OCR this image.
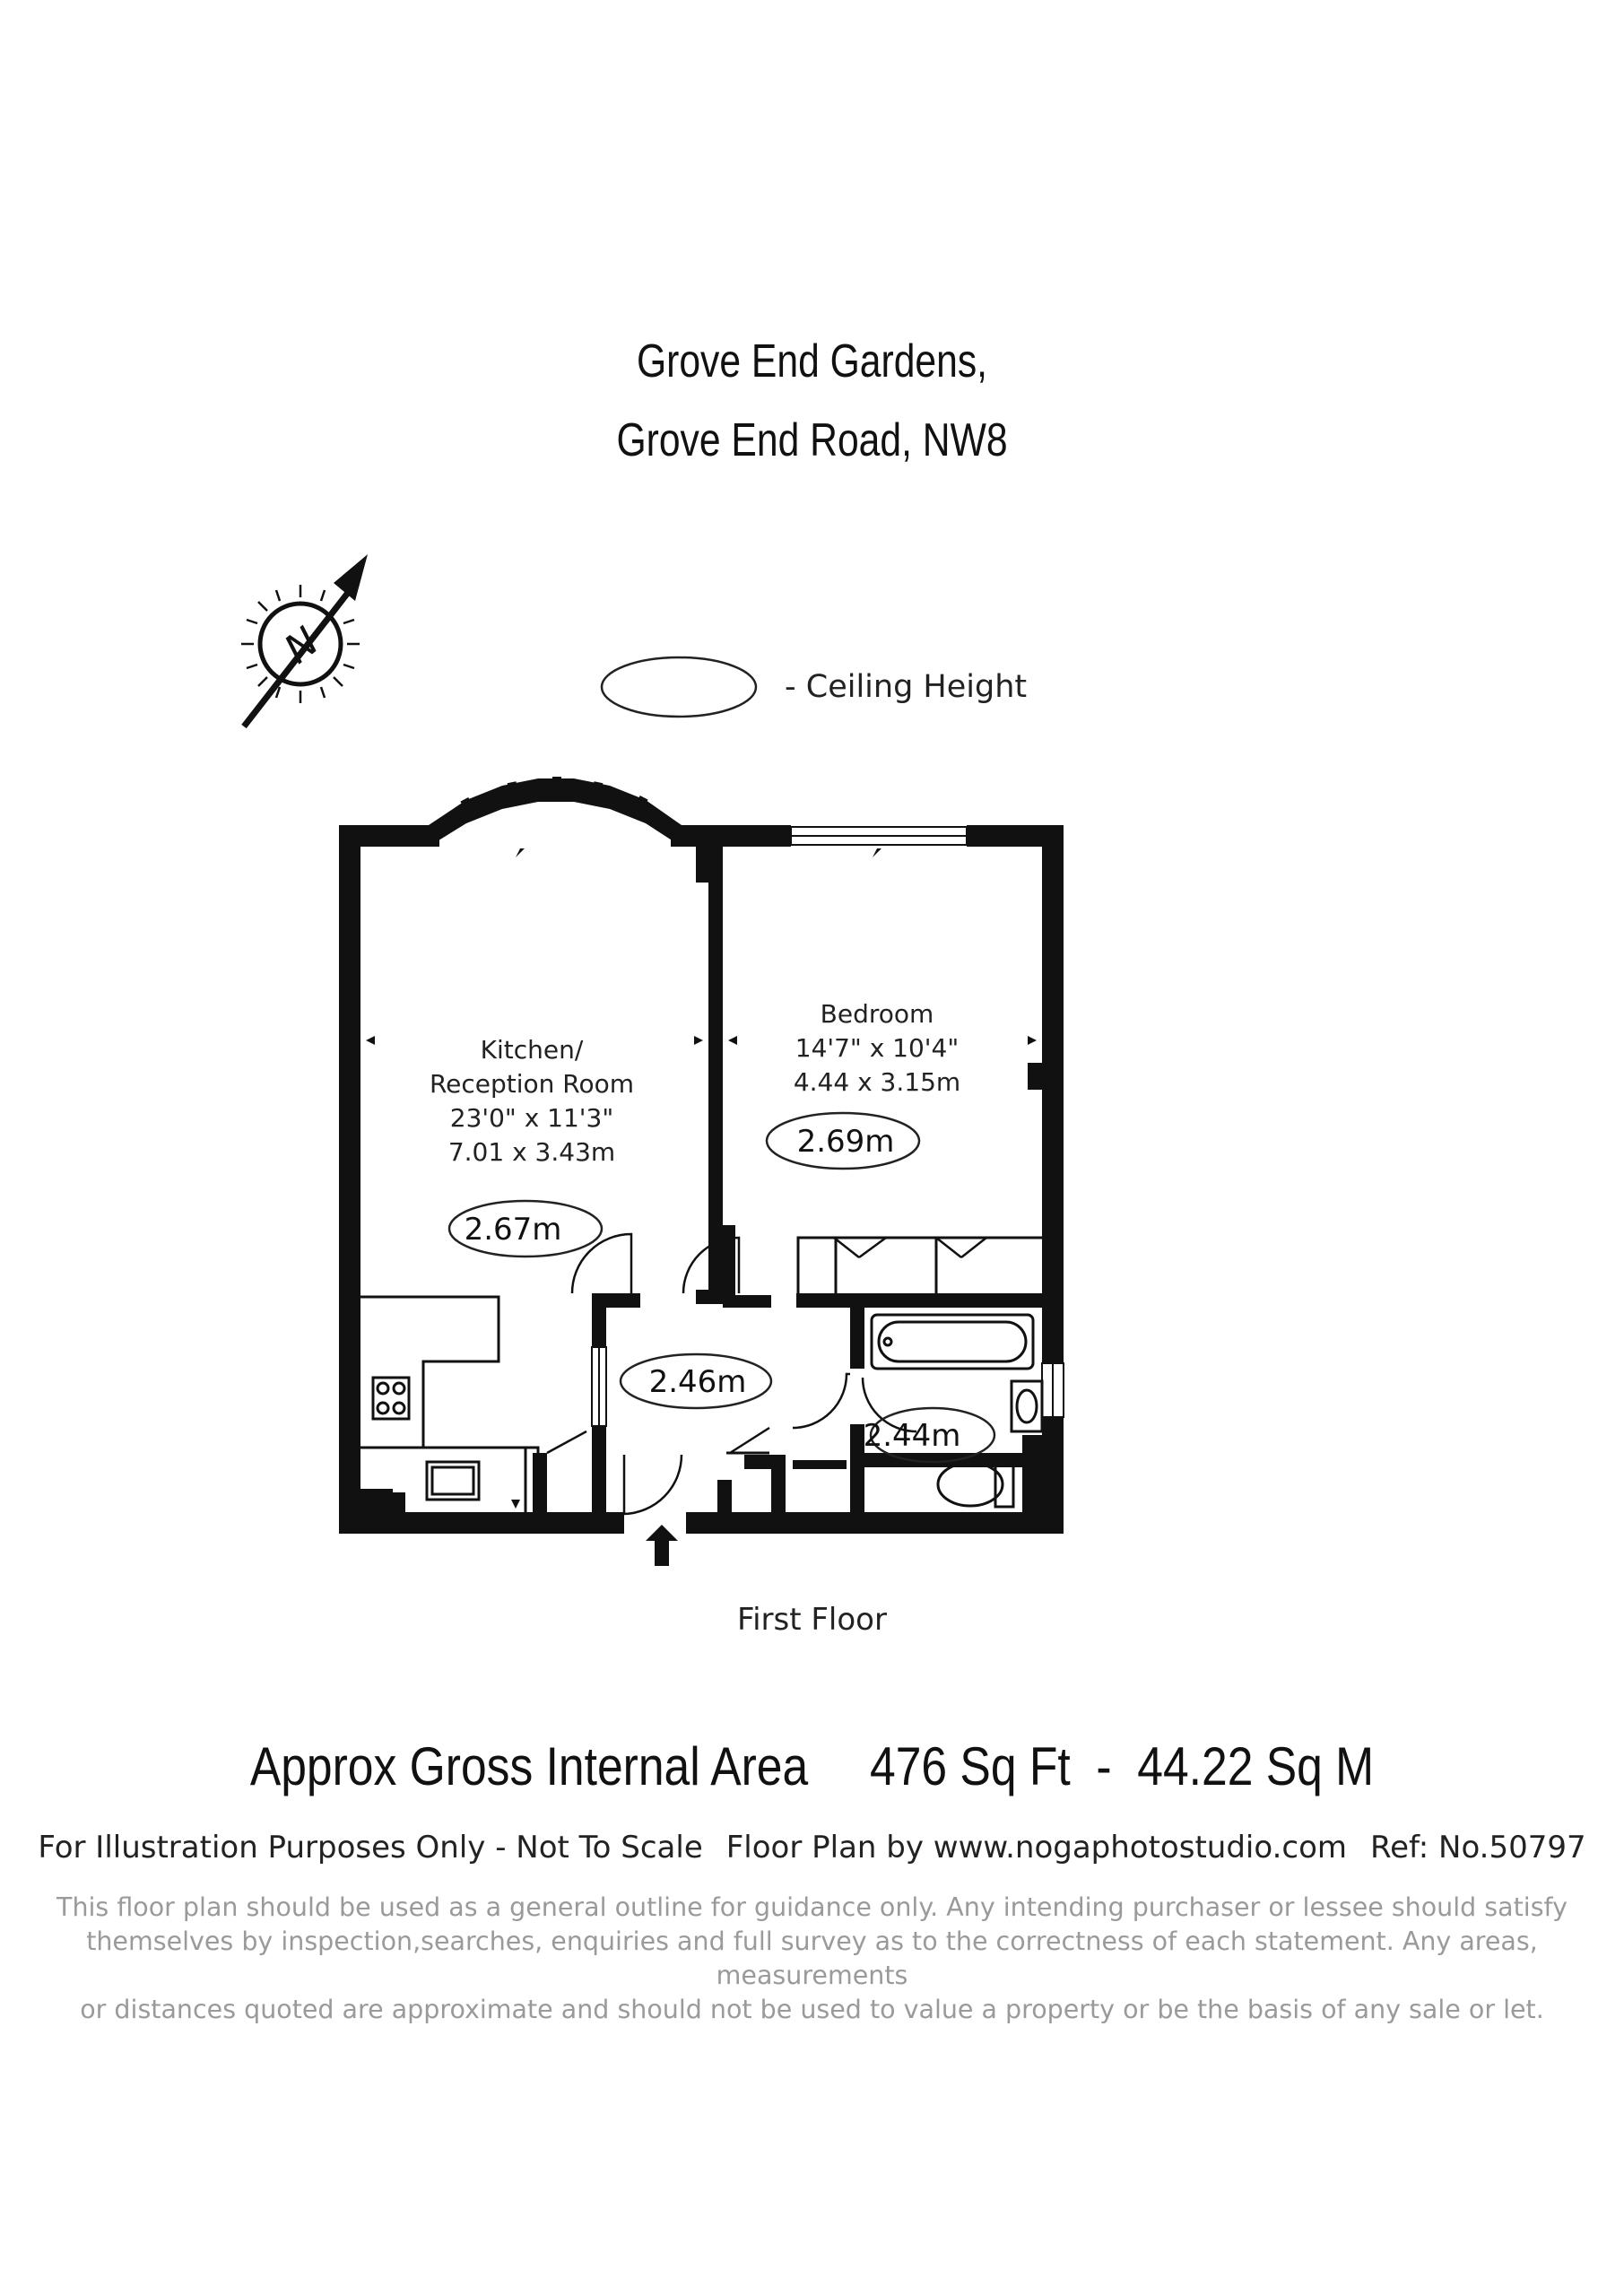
Grove End Gardens,
Grove End Road, NW8
N
- Ceiling Height
Kitchen/
Reception Room
23'0" x 11'3"
7.01 x 3.43m
Bedroom
14'7" x 10'4"
4.44 x 3.15m
2.67m
2.69m
2.46m
2.44m
First Floor
Approx Gross Internal Area 476 Sq Ft - 44.22 Sq M
For Illustration Purposes Only - Not To Scale Floor Plan by www.nogaphotostudio.com Ref: No.50797
This floor plan should be used as a general outline for guidance only. Any intending purchaser or lessee should satisfy
themselves by inspection,searches, enquiries and full survey as to the correctness of each statement. Any areas, measurements
or distances quoted are approximate and should not be used to value a property or be the basis of any sale or let.
